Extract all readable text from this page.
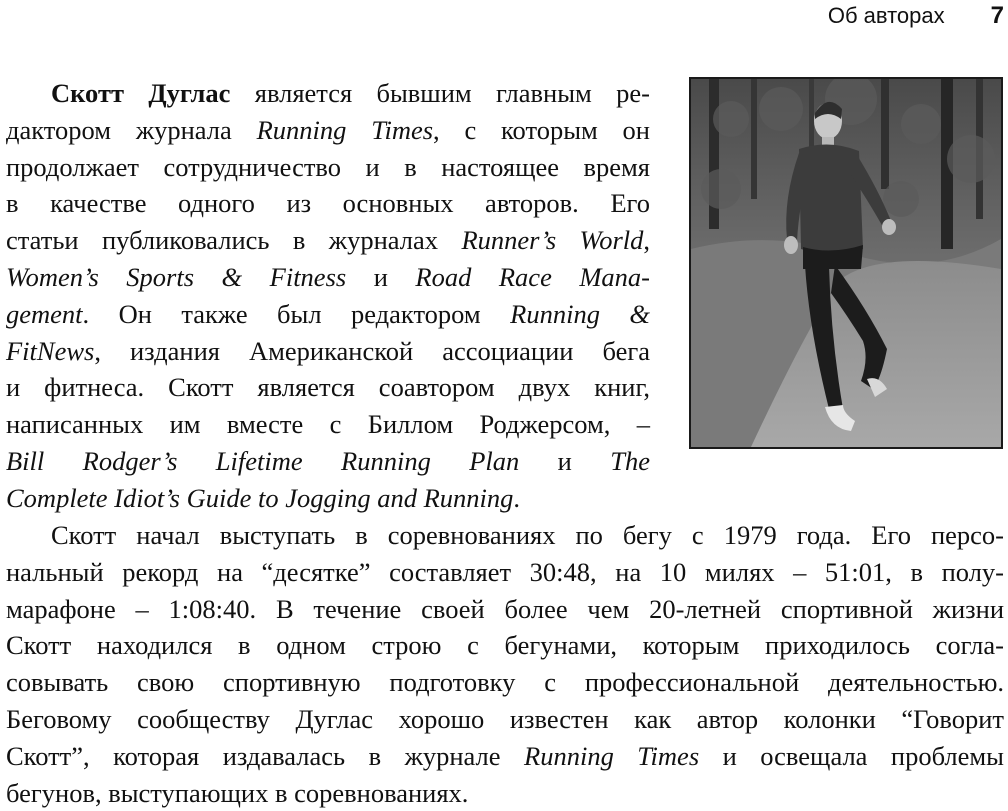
Об авторах 7
Скотт Дуглас является бывшим главным ре-
дактором журнала Running Times, с которым он
продолжает сотрудничество и в настоящее время
в качестве одного из основных авторов. Его
статьи публиковались в журналах Runner’s World,
Women’s Sports & Fitness и Road Race Mana-
gement. Он также был редактором Running &
FitNews, издания Американской ассоциации бега
и фитнеса. Скотт является соавтором двух книг,
написанных им вместе с Биллом Роджерсом, –
Bill Rodger’s Lifetime Running Plan и The
Complete Idiot’s Guide to Jogging and Running.
Скотт начал выступать в соревнованиях по бегу с 1979 года. Его персо-
нальный рекорд на “десятке” составляет 30:48, на 10 милях – 51:01, в полу-
марафоне – 1:08:40. В течение своей более чем 20-летней спортивной жизни
Скотт находился в одном строю с бегунами, которым приходилось согла-
совывать свою спортивную подготовку с профессиональной деятельностью.
Беговому сообществу Дуглас хорошо известен как автор колонки “Говорит
Скотт”, которая издавалась в журнале Running Times и освещала проблемы
бегунов, выступающих в соревнованиях.
